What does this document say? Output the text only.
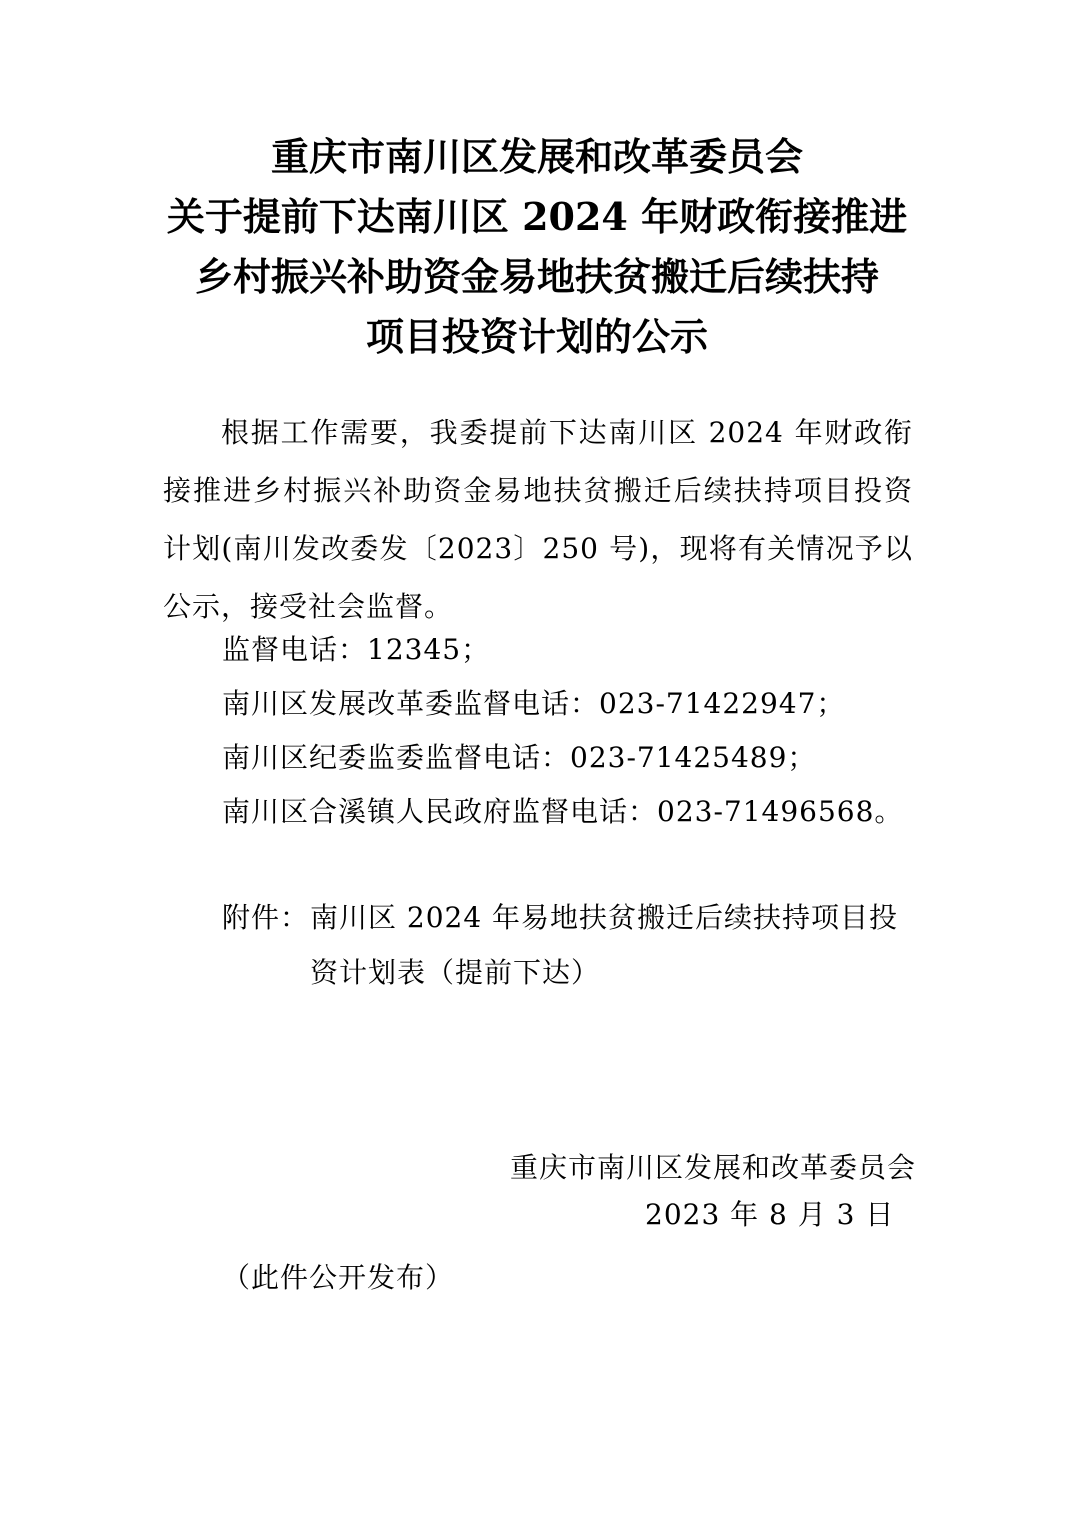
重庆市南川区发展和改革委员会
关于提前下达南川区 2024 年财政衔接推进
乡村振兴补助资金易地扶贫搬迁后续扶持
项目投资计划的公示
根据工作需要，我委提前下达南川区 2024 年财政衔接推进乡村振兴补助资金易地扶贫搬迁后续扶持项目投资计划(南川发改委发〔2023〕250 号)，现将有关情况予以公示，接受社会监督。
监督电话：12345；
南川区发展改革委监督电话：023-71422947；
南川区纪委监委监督电话：023-71425489；
南川区合溪镇人民政府监督电话：023-71496568。
附件： 南川区 2024 年易地扶贫搬迁后续扶持项目投资计划表（提前下达）
重庆市南川区发展和改革委员会
2023 年 8 月 3 日
（此件公开发布）
